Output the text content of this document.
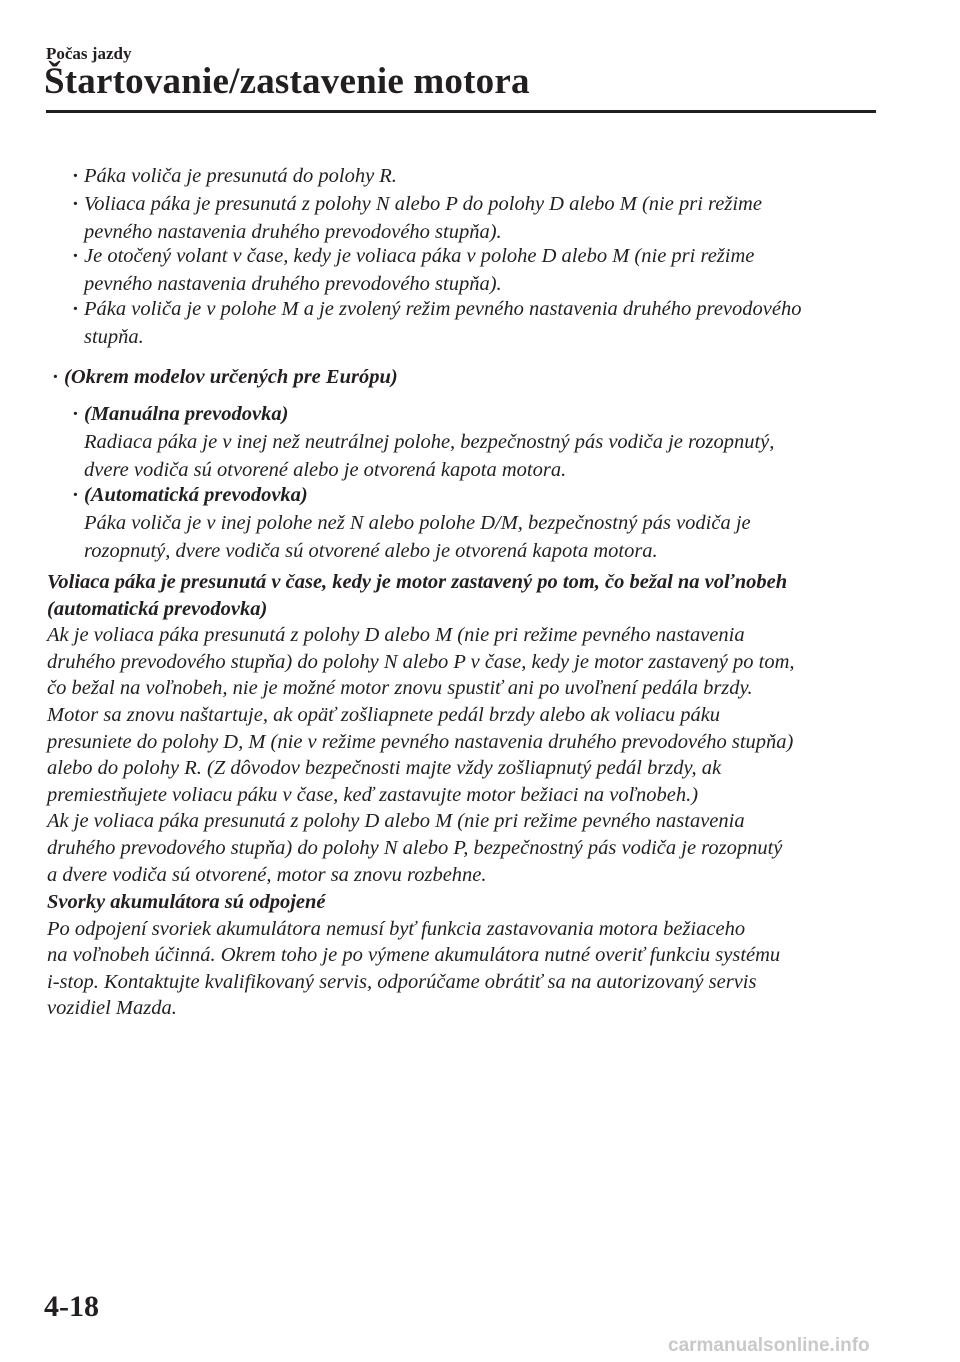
Počas jazdy
Štartovanie/zastavenie motora
· Páka voliča je presunutá do polohy R.
· Voliaca páka je presunutá z polohy N alebo P do polohy D alebo M (nie pri režime
pevného nastavenia druhého prevodového stupňa).
· Je otočený volant v čase, kedy je voliaca páka v polohe D alebo M (nie pri režime
pevného nastavenia druhého prevodového stupňa).
· Páka voliča je v polohe M a je zvolený režim pevného nastavenia druhého prevodového
stupňa.
· (Okrem modelov určených pre Európu)
· (Manuálna prevodovka)
Radiaca páka je v inej než neutrálnej polohe, bezpečnostný pás vodiča je rozopnutý,
dvere vodiča sú otvorené alebo je otvorená kapota motora.
· (Automatická prevodovka)
Páka voliča je v inej polohe než N alebo polohe D/M, bezpečnostný pás vodiča je
rozopnutý, dvere vodiča sú otvorené alebo je otvorená kapota motora.
Voliaca páka je presunutá v čase, kedy je motor zastavený po tom, čo bežal na voľnobeh
(automatická prevodovka)
Ak je voliaca páka presunutá z polohy D alebo M (nie pri režime pevného nastavenia
druhého prevodového stupňa) do polohy N alebo P v čase, kedy je motor zastavený po tom,
čo bežal na voľnobeh, nie je možné motor znovu spustiť ani po uvoľnení pedála brzdy.
Motor sa znovu naštartuje, ak opäť zošliapnete pedál brzdy alebo ak voliacu páku
presuniete do polohy D, M (nie v režime pevného nastavenia druhého prevodového stupňa)
alebo do polohy R. (Z dôvodov bezpečnosti majte vždy zošliapnutý pedál brzdy, ak
premiestňujete voliacu páku v čase, keď zastavujte motor bežiaci na voľnobeh.)
Ak je voliaca páka presunutá z polohy D alebo M (nie pri režime pevného nastavenia
druhého prevodového stupňa) do polohy N alebo P, bezpečnostný pás vodiča je rozopnutý
a dvere vodiča sú otvorené, motor sa znovu rozbehne.
Svorky akumulátora sú odpojené
Po odpojení svoriek akumulátora nemusí byť funkcia zastavovania motora bežiaceho
na voľnobeh účinná. Okrem toho je po výmene akumulátora nutné overiť funkciu systému
i-stop. Kontaktujte kvalifikovaný servis, odporúčame obrátiť sa na autorizovaný servis
vozidiel Mazda.
4-18
carmanualsonline.info
